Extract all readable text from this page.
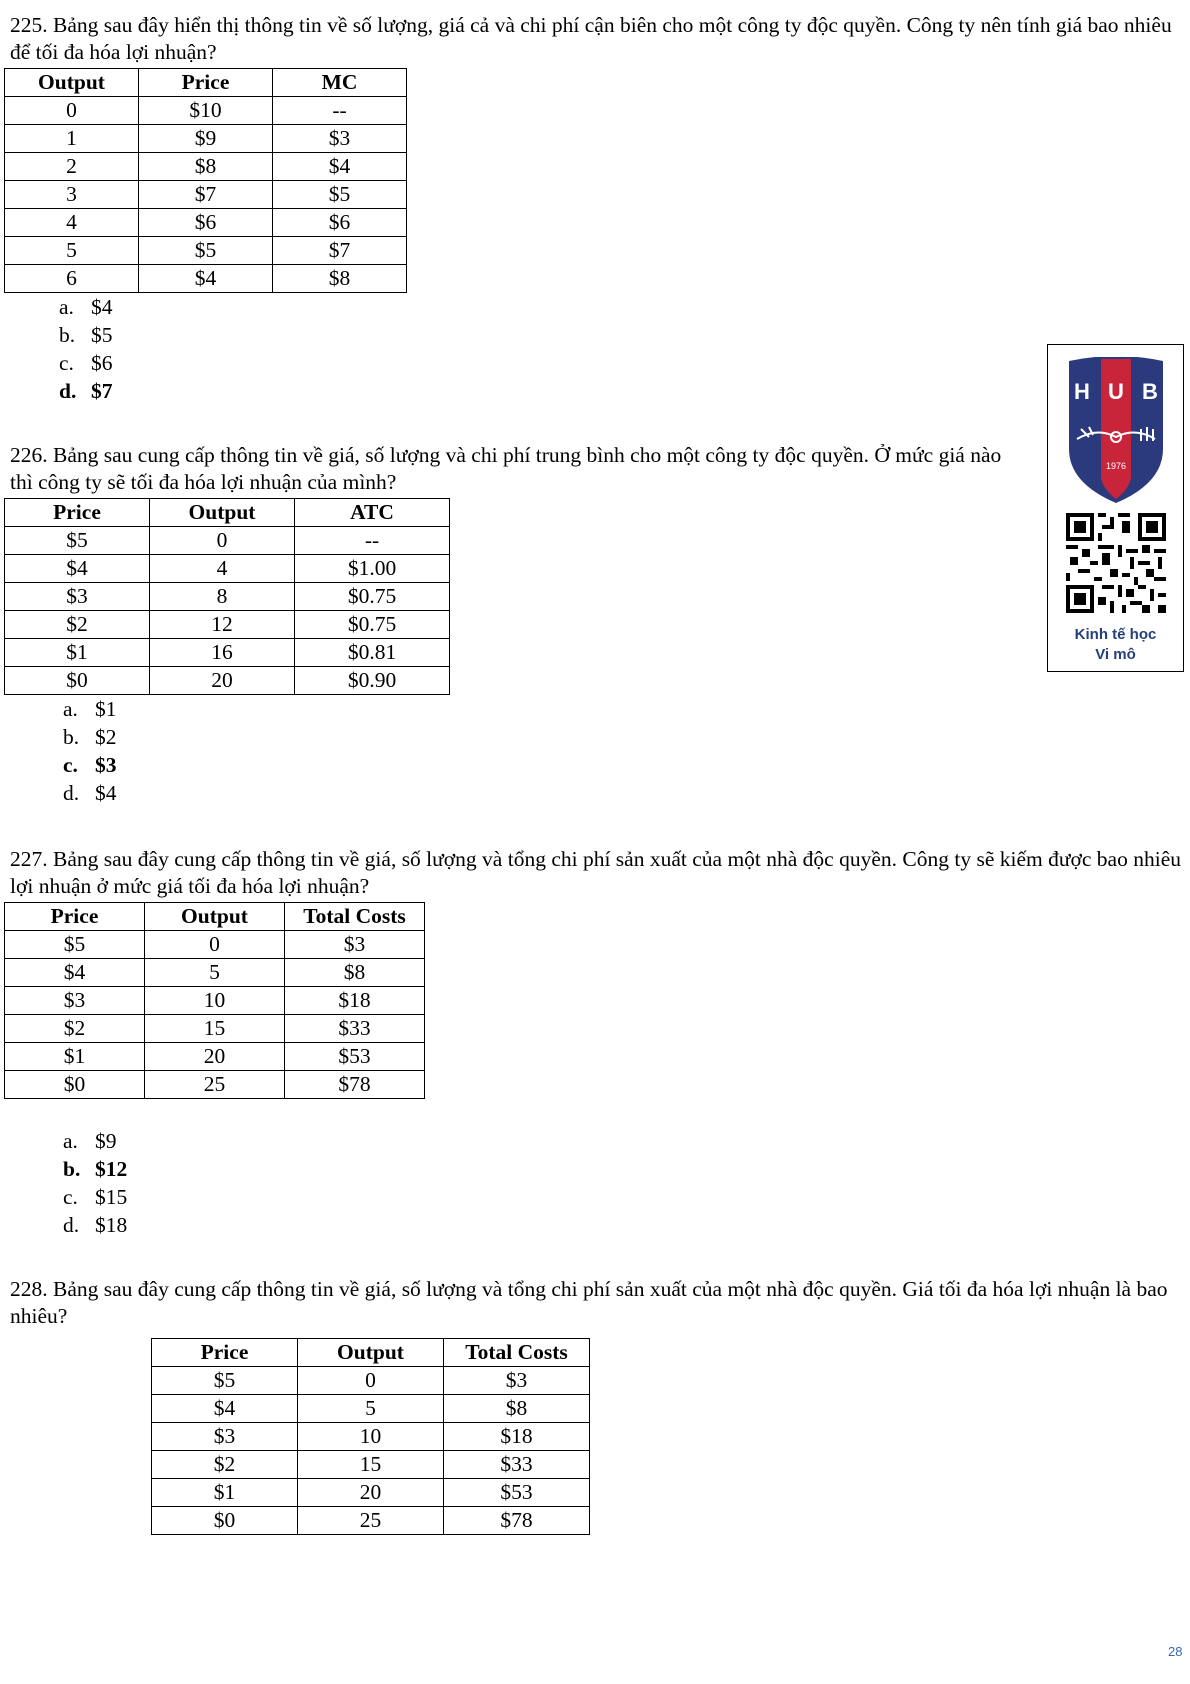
225. Bảng sau đây hiển thị thông tin về số lượng, giá cả và chi phí cận biên cho một công ty độc quyền. Công ty nên tính giá bao nhiêu để tối đa hóa lợi nhuận?

Output	Price	MC
0	$10	--
1	$9	$3
2	$8	$4
3	$7	$5
4	$6	$6
5	$5	$7
6	$4	$8
a. $4
b. $5
c. $6
d. $7

226. Bảng sau cung cấp thông tin về giá, số lượng và chi phí trung bình cho một công ty độc quyền. Ở mức giá nào thì công ty sẽ tối đa hóa lợi nhuận của mình?

Price	Output	ATC
$5	0	--
$4	4	$1.00
$3	8	$0.75
$2	12	$0.75
$1	16	$0.81
$0	20	$0.90
a. $1
b. $2
c. $3
d. $4

227. Bảng sau đây cung cấp thông tin về giá, số lượng và tổng chi phí sản xuất của một nhà độc quyền. Công ty sẽ kiếm được bao nhiêu lợi nhuận ở mức giá tối đa hóa lợi nhuận?

Price	Output	Total Costs
$5	0	$3
$4	5	$8
$3	10	$18
$2	15	$33
$1	20	$53
$0	25	$78
a. $9
b. $12
c. $15
d. $18

228. Bảng sau đây cung cấp thông tin về giá, số lượng và tổng chi phí sản xuất của một nhà độc quyền. Giá tối đa hóa lợi nhuận là bao nhiêu?

Price	Output	Total Costs
$5	0	$3
$4	5	$8
$3	10	$18
$2	15	$33
$1	20	$53
$0	25	$78
H U B
1976
Kinh tế học
Vi mô
28
